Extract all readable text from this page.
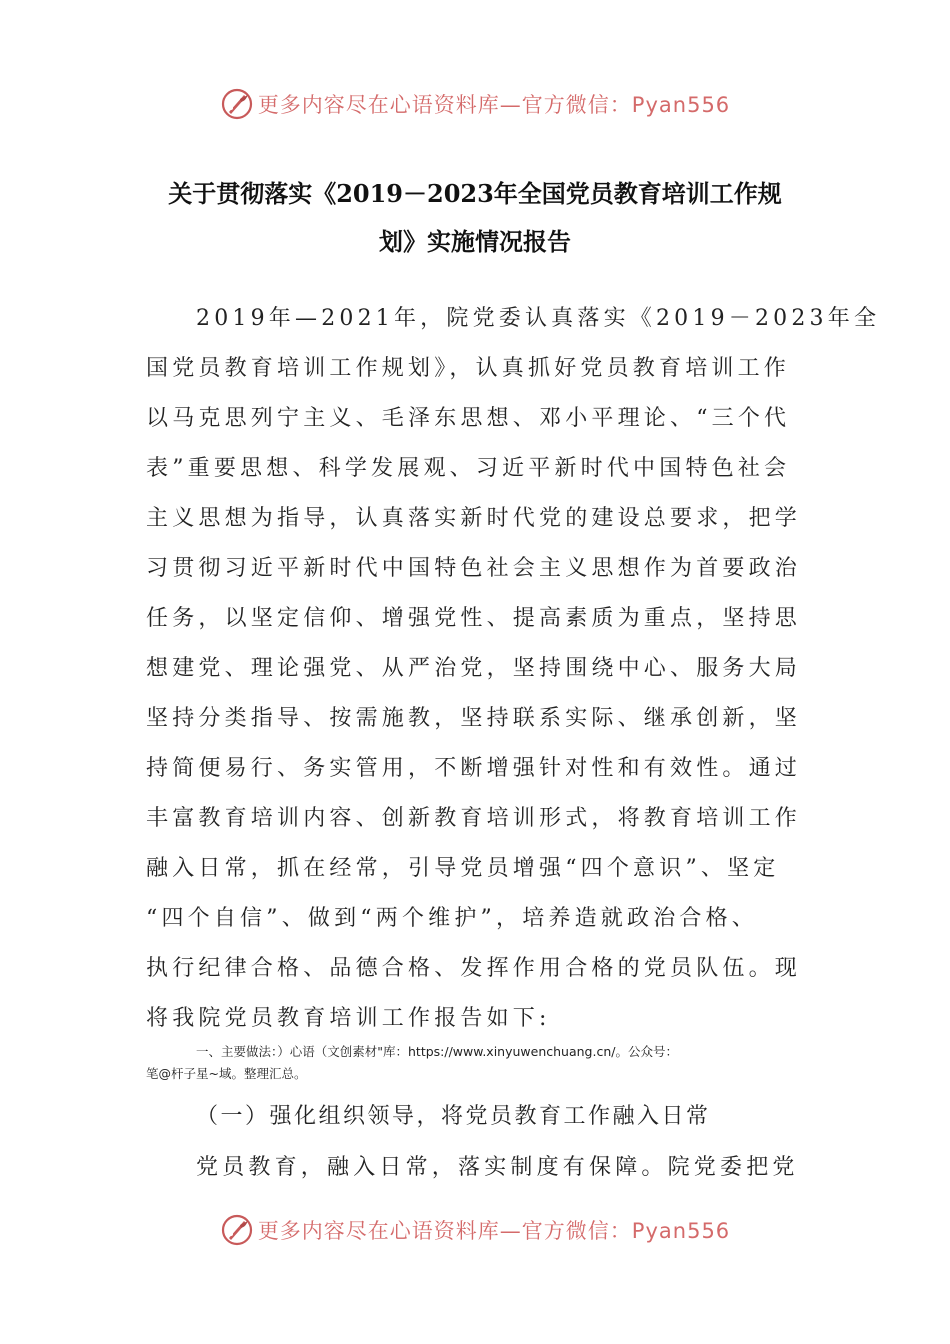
更多内容尽在心语资料库—官方微信：Pyan556
关于贯彻落实《2019－2023年全国党员教育培训工作规
划》实施情况报告
2019年—2021年，院党委认真落实《2019－2023年全
国党员教育培训工作规划》，认真抓好党员教育培训工作
以马克思列宁主义、毛泽东思想、邓小平理论、“三个代
表”重要思想、科学发展观、习近平新时代中国特色社会
主义思想为指导，认真落实新时代党的建设总要求，把学
习贯彻习近平新时代中国特色社会主义思想作为首要政治
任务，以坚定信仰、增强党性、提高素质为重点，坚持思
想建党、理论强党、从严治党，坚持围绕中心、服务大局
坚持分类指导、按需施教，坚持联系实际、继承创新，坚
持简便易行、务实管用，不断增强针对性和有效性。通过
丰富教育培训内容、创新教育培训形式，将教育培训工作
融入日常，抓在经常，引导党员增强“四个意识”、坚定
“四个自信”、做到“两个维护”，培养造就政治合格、
执行纪律合格、品德合格、发挥作用合格的党员队伍。现
将我院党员教育培训工作报告如下:
一、主要做法：）心语（文创素材"库：https://www.xinyuwenchuang.cn/。公众号：
笔@杆子星~域。整理汇总。
（一）强化组织领导，将党员教育工作融入日常
党员教育，融入日常，落实制度有保障。院党委把党
更多内容尽在心语资料库—官方微信：Pyan556
